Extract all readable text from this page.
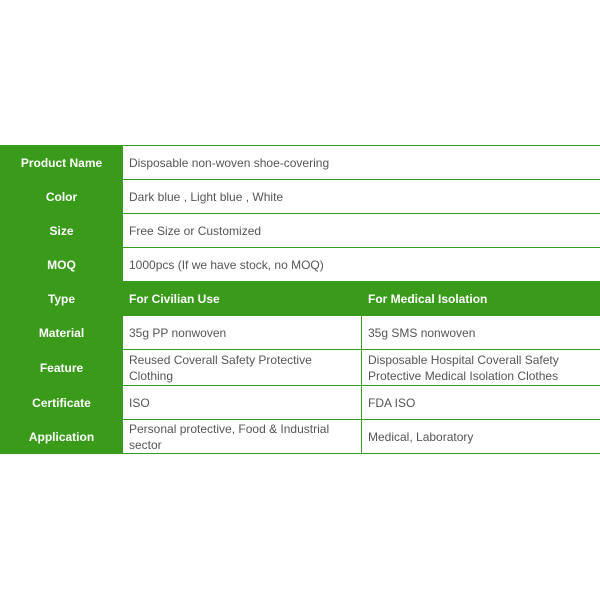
Product Name	Disposable non-woven shoe-covering	
Color	Dark blue , Light blue , White	
Size	Free Size or Customized	
MOQ	1000pcs (If we have stock, no MOQ)	
Type	For Civilian Use	For Medical Isolation
Material	35g PP nonwoven	35g SMS nonwoven
Feature	Reused Coverall Safety Protective Clothing	Disposable Hospital Coverall Safety Protective Medical Isolation Clothes
Certificate	ISO	FDA ISO
Application	Personal protective, Food & Industrial sector	Medical, Laboratory
